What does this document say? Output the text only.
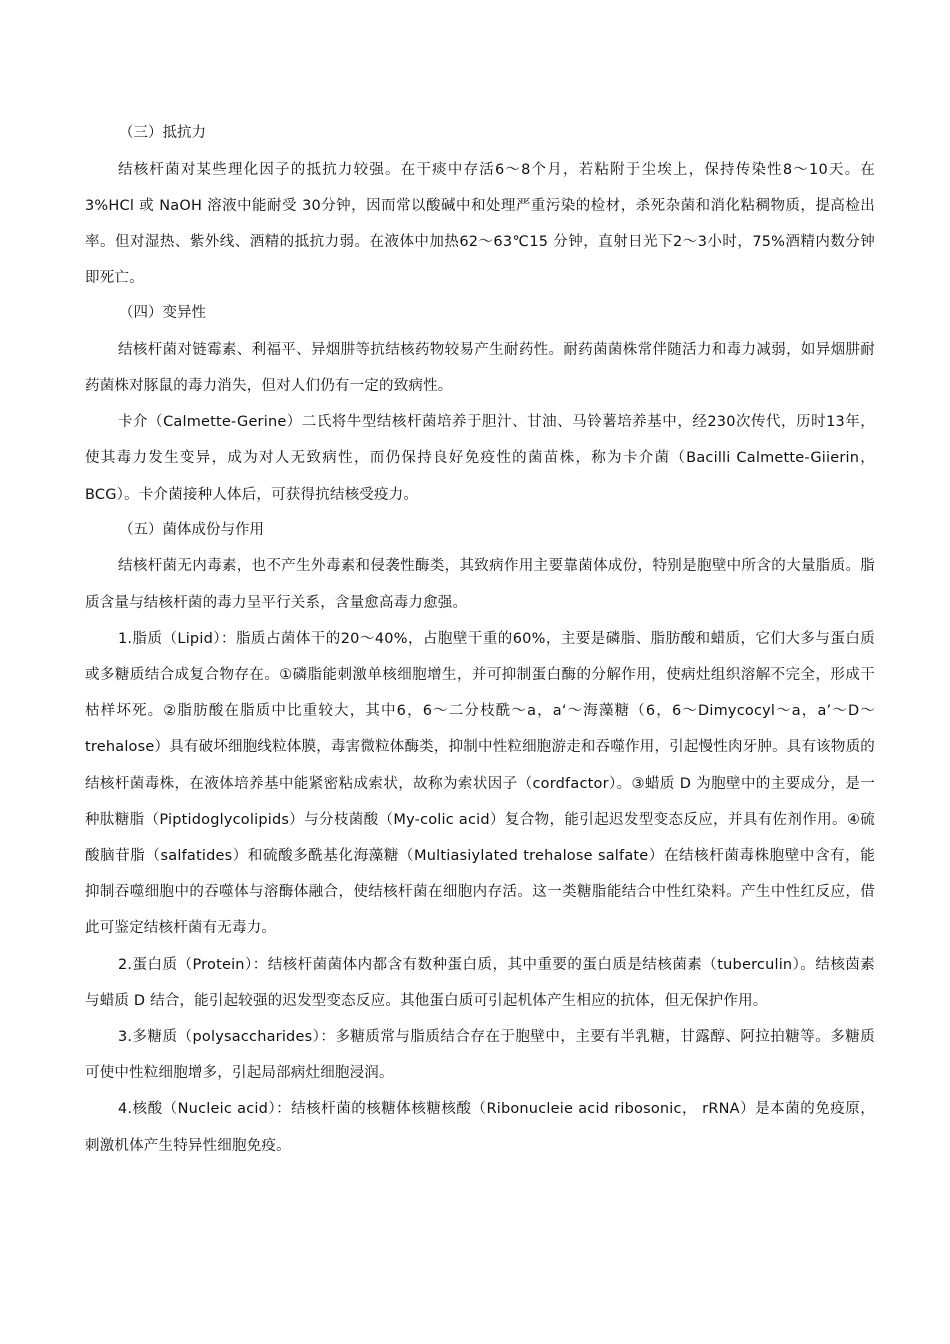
（三）抵抗力
结核杆菌对某些理化因子的抵抗力较强。在干痰中存活6～8个月，若粘附于尘埃上，保持传染性8～10天。在3%HCl 或 NaOH 溶液中能耐受 30分钟，因而常以酸碱中和处理严重污染的检材，杀死杂菌和消化粘稠物质，提高检出率。但对湿热、紫外线、酒精的抵抗力弱。在液体中加热62～63℃15 分钟，直射日光下2～3小时，75%酒精内数分钟即死亡。
（四）变异性
结核杆菌对链霉素、利福平、异烟肼等抗结核药物较易产生耐药性。耐药菌菌株常伴随活力和毒力减弱，如异烟肼耐药菌株对豚鼠的毒力消失，但对人们仍有一定的致病性。
卡介（Calmette-Gerine）二氏将牛型结核杆菌培养于胆汁、甘油、马铃薯培养基中，经230次传代，历时13年，使其毒力发生变异，成为对人无致病性，而仍保持良好免疫性的菌苗株，称为卡介菌（Bacilli Calmette-Giierin，BCG）。卡介菌接种人体后，可获得抗结核受疫力。
（五）菌体成份与作用
结核杆菌无内毒素，也不产生外毒素和侵袭性酶类，其致病作用主要靠菌体成份，特别是胞壁中所含的大量脂质。脂质含量与结核杆菌的毒力呈平行关系，含量愈高毒力愈强。
1.脂质（Lipid）：脂质占菌体干的20～40%，占胞壁干重的60%，主要是磷脂、脂肪酸和蜡质，它们大多与蛋白质或多糖质结合成复合物存在。①磷脂能刺激单核细胞增生，并可抑制蛋白酶的分解作用，使病灶组织溶解不完全，形成干枯样坏死。②脂肪酸在脂质中比重较大，其中6，6～二分枝酰～a，a‘～海藻糖（6，6～Dimycocyl～a，a’～D～trehalose）具有破坏细胞线粒体膜，毒害微粒体酶类，抑制中性粒细胞游走和吞噬作用，引起慢性肉牙肿。具有该物质的结核杆菌毒株，在液体培养基中能紧密粘成索状，故称为索状因子（cordfactor）。③蜡质 D 为胞壁中的主要成分，是一种肽糖脂（Piptidoglycolipids）与分枝菌酸（My-colic acid）复合物，能引起迟发型变态反应，并具有佐剂作用。④硫酸脑苷脂（salfatides）和硫酸多酰基化海藻糖（Multiasiylated trehalose salfate）在结核杆菌毒株胞壁中含有，能抑制吞噬细胞中的吞噬体与溶酶体融合，使结核杆菌在细胞内存活。这一类糖脂能结合中性红染料。产生中性红反应，借此可鉴定结核杆菌有无毒力。
2.蛋白质（Protein）：结核杆菌菌体内都含有数种蛋白质，其中重要的蛋白质是结核菌素（tuberculin）。结核茵素与蜡质 D 结合，能引起较强的迟发型变态反应。其他蛋白质可引起机体产生相应的抗体，但无保护作用。
3.多糖质（polysaccharides）：多糖质常与脂质结合存在于胞壁中，主要有半乳糖，甘露醇、阿拉拍糖等。多糖质可使中性粒细胞增多，引起局部病灶细胞浸润。
4.核酸（Nucleic acid）：结核杆菌的核糖体核糖核酸（Ribonucleie acid ribosonic， rRNA）是本菌的免疫原，刺激机体产生特异性细胞免疫。
